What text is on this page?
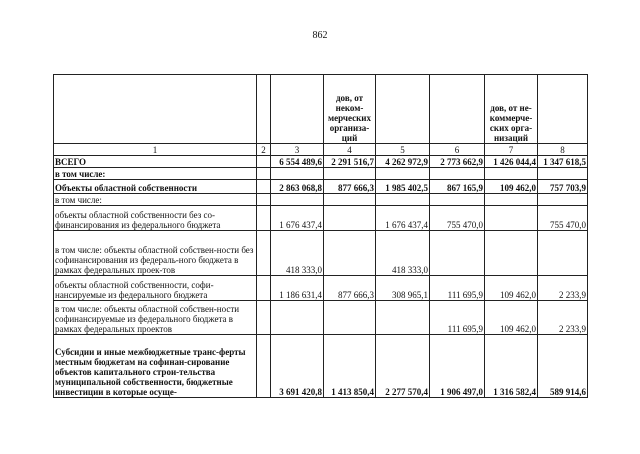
862
			дов, от неком-мерческих организа-ций			дов, от не-коммерче-ских орга-низаций	
1	2	3	4	5	6	7	8
ВСЕГО		6 554 489,6	2 291 516,7	4 262 972,9	2 773 662,9	1 426 044,4	1 347 618,5
в том числе:							
Объекты областной собственности		2 863 068,8	877 666,3	1 985 402,5	867 165,9	109 462,0	757 703,9
в том числе:							
объекты областной собственности без со-финансирования из федерального бюджета		1 676 437,4		1 676 437,4	755 470,0		755 470,0
в том числе: объекты областной собствен-ности без софинансирования из федераль-ного бюджета в рамках федеральных проек-тов		418 333,0		418 333,0			
объекты областной собственности, софи-нансируемые из федерального бюджета		1 186 631,4	877 666,3	308 965,1	111 695,9	109 462,0	2 233,9
в том числе: объекты областной собствен-ности софинансируемые из федерального бюджета в рамках федеральных проектов					111 695,9	109 462,0	2 233,9
Субсидии и иные межбюджетные транс-ферты местным бюджетам на софинан-сирование объектов капитального строи-тельства муниципальной собственности, бюджетные инвестиции в которые осуще-		3 691 420,8	1 413 850,4	2 277 570,4	1 906 497,0	1 316 582,4	589 914,6
